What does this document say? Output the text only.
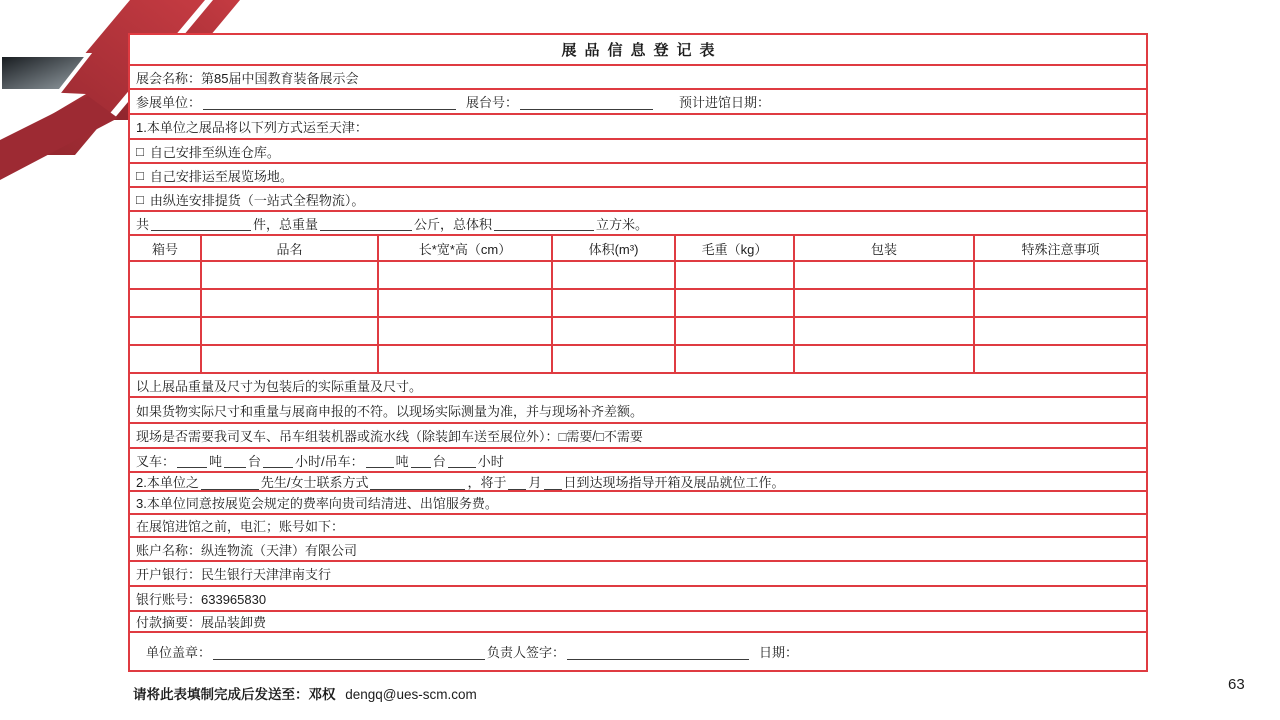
展品信息登记表
展会名称：第85届中国教育装备展示会
参展单位：	展台号：	预计进馆日期：
1.本单位之展品将以下列方式运至天津：
□ 自己安排至纵连仓库。
□ 自己安排运至展览场地。
□ 由纵连安排提货（一站式全程物流）。
共	件，总重量	公斤，总体积	立方米。
箱号	品名	长*宽*高（cm）	体积(m³)	毛重（kg）	包装	特殊注意事项
以上展品重量及尺寸为包装后的实际重量及尺寸。
如果货物实际尺寸和重量与展商申报的不符。以现场实际测量为准，并与现场补齐差额。
现场是否需要我司叉车、吊车组装机器或流水线（除装卸车送至展位外）： □需要 / □不需要
叉车：	吨 台	小时/吊车： 吨 台 小时
2.本单位之	先生/女士联系方式	，将于 月 日到达现场指导开箱及展品就位工作。
3.本单位同意按展览会规定的费率向贵司结清进、出馆服务费。
在展馆进馆之前，电汇；账号如下：
账户名称：纵连物流（天津）有限公司
开户银行：民生银行天津津南支行
银行账号：633965830
付款摘要：展品装卸费
单位盖章：	负责人签字：	日期：
请将此表填制完成后发送至：邓权 dengq@ues-scm.com
63
